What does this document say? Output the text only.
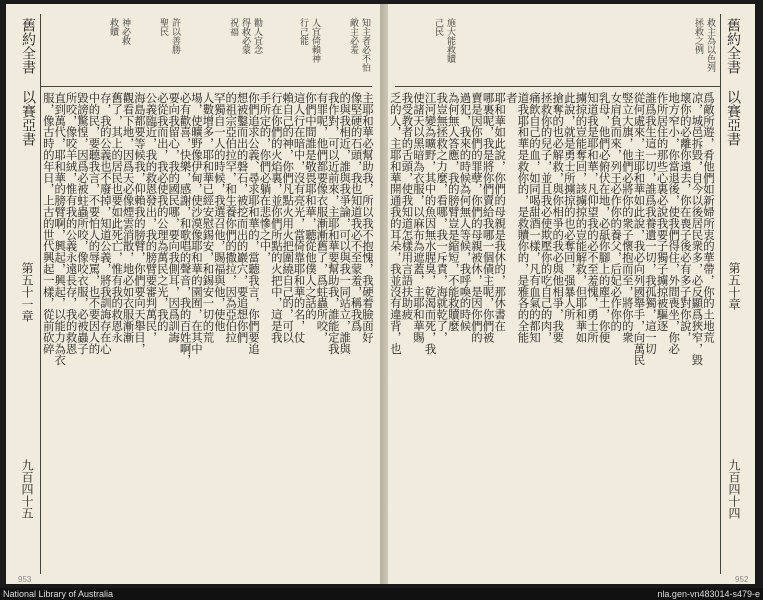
舊約全書 以賽亞書
第五十章
九百四十四
救主為以色列
拯救之例
施大能救贖
己民
爲敵所遊，肴他們如新婦所衷的華帶，你的土地荒
凉，城邑拆毀，自今以後居民衆多，必反顯爲狹窄，毀
壞你的必離你遠去，你在喪子後必有多子對你說，
地方窄小，你當退後，使我們得住，外間喪坐，你必
作所居住的那些心裏必說我要子獨子擄掠被驅逐
誰爲我生這一切，誰爲我養遺一切，我孤獨，這一切
從何處來，主耶和華如此說，我必向列國舉手，向萬民
竪立大旗，他們必將你的衆子懷抱而至，將你的衆
女肩負而來，列王必作你的養父，后妃必作你的
乳母，他們必俯伏在地，必舐你腳上的塵土，你便
知道我是耶和華，凡仰望我的必不至羞愧，勇士所
擄掠的豈能奪回，該擄掠的豈能解救，但耶和華如
此說，就是勇士所擄掠的也必奪回，强暴人所
搶奪的也必解救，與你相爭的我必與他相爭，我要
拯救你的兒子，並且我必使欺壓你的吃自己的肉，
痛飲自己的血，如同喝甜酒一樣，凡有血氣的都知
道我耶和華是救你的，是救贖你的，是雅各的全能
者
耶和華如此說，你們的母親是我休的，那休書在
哪裏呢，我是將你們賣給我哪一個債主呢，你們被
賣是因你們的罪孽，你們的母親被休，是因你們的
過犯，我來的時候為何無人等候，我呼喚的時候
為何無人答應，我的膀臂豈是縮短，不能救贖麼
我豈無拯救之力麼，看哪，我一斥責，海就乾了，
江河變為曠野，其中的魚因無水腥臭，乾渴而死，我
使諸天以黑暗為衣服，以麻布為遮蓋，主耶和華賜
我受教者的舌頭，使我知道怎樣用言語扶助疲
乏的人，主耶和華開通我的耳朵，我並沒有違背，也
九百四十五
第五十一章
舊約全書 以賽亞書	知主者必不怕
敵主必羞
人宜倚賴神
行己能
勸人宜念
得救必蒙
祝福
許以善勝
聖民
神必救
救贖
主耶和華必幫助我，所以我不抱愧，我硬着臉面好
像堅硬的石頭，我也知道我必不至蒙羞，稱我爲
的與我相近，誰與我爭論，可以與我一同站立，誰與
我作對，可以近前來，主耶和華要幫助我，誰能定我
有罪呢，他們都要像衣服漸漸舊了，爲蛀蟲所咬，
你們中間誰是敬畏耶和華，聽從他僕人之話的
這人行在暗中，沒有亮光，當倚靠耶和華的名，仗
賴自己的神，你們凡點火用火把圍繞自己的，可以
行在你們的火焰裏，並你們所點的火把中，這是我
手所定的，你們必躺在悲慘之中，
你們追求公義、尋求耶和華的，當聽我言，你們要追
想被鑿而出的磐石，被挖而出的巖穴，要追想你們
的祖宗亞伯拉罕，和生養你們的撒拉，因為亞伯拉
罕獨自一人的時候，我選召他，賜福與他，使他
人數增多，耶和華已經安慰錫安，和錫安一切的荒
場，使曠野像伊甸，使沙漠像耶和華的園囿，在其中
必有歡喜，快樂，感謝，和歌唱的聲音，我的百姓啊，
要向我留心，我的國民哪，要向我側耳，因爲訓誨
必從我而出，我必使我的公理為萬民之光，我的
公義臨近，我的救恩發出，我的膀臂要審判萬民，
海島都要等候我，仰賴我的膀臂，你們要向天舉目，
觀看下地，因爲天必像煙雲消散，地必如衣服漸漸
舊了，其上的居民也要如此死亡，惟有我的救恩永
存，我的公義也不廢掉，知道公義，將我訓誨存在心
中的民，要聽我言，不要怕人的辱罵，也不要因人的
毀謗驚惶，因爲必被蛀蟲所咬，像咬衣服，必被蟲子
所咬，像咬羊絨，惟有我的公義永遠長存，我的救恩
直到萬代，耶和華的膀臂啊，興起，興起，以能力為衣
服，像古時的年日，上古的世代興起一樣，從前砍碎
953	952
National Library of Australia	nla.gen-vn483014-s479-e
